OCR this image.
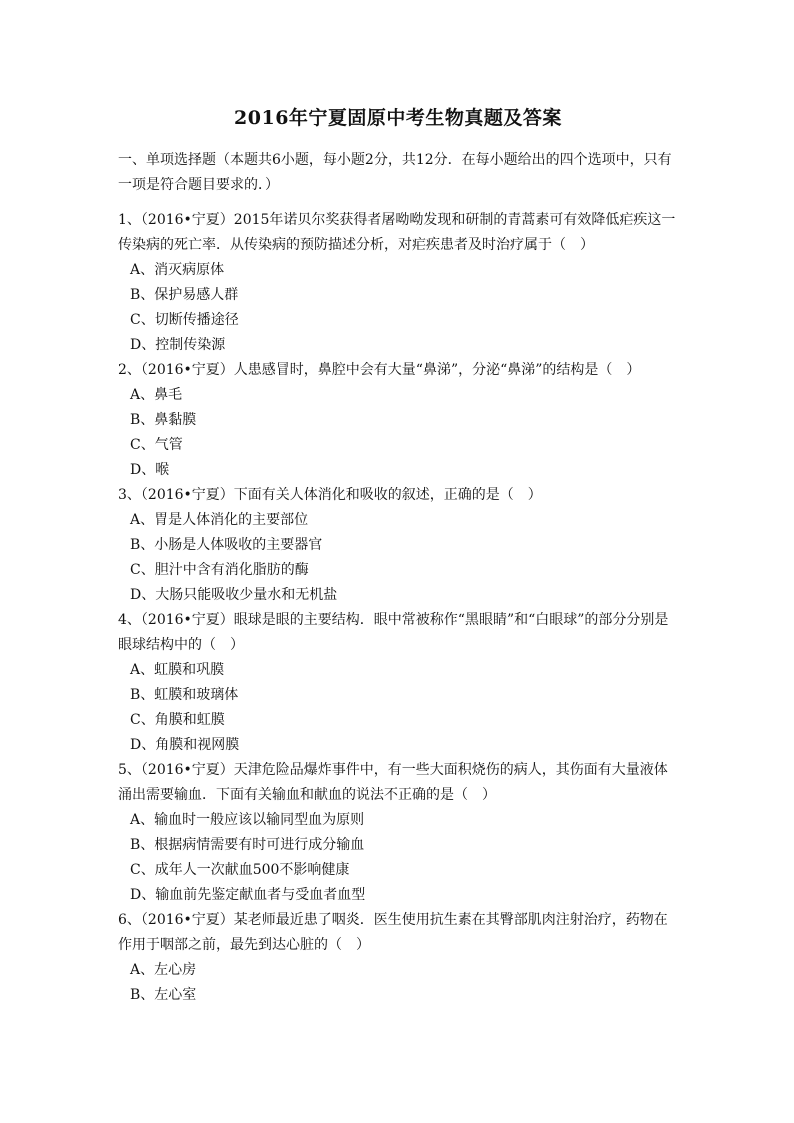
2016年宁夏固原中考生物真题及答案

一、单项选择题（本题共6小题，每小题2分，共12分．在每小题给出的四个选项中，只有一项是符合题目要求的．）

1、（2016•宁夏）2015年诺贝尔奖获得者屠呦呦发现和研制的青蒿素可有效降低疟疾这一传染病的死亡率．从传染病的预防描述分析，对疟疾患者及时治疗属于（　）

A、消灭病原体

B、保护易感人群

C、切断传播途径

D、控制传染源

2、（2016•宁夏）人患感冒时，鼻腔中会有大量“鼻涕”，分泌“鼻涕”的结构是（　）

A、鼻毛

B、鼻黏膜

C、气管

D、喉

3、（2016•宁夏）下面有关人体消化和吸收的叙述，正确的是（　）

A、胃是人体消化的主要部位

B、小肠是人体吸收的主要器官

C、胆汁中含有消化脂肪的酶

D、大肠只能吸收少量水和无机盐

4、（2016•宁夏）眼球是眼的主要结构．眼中常被称作“黑眼睛”和“白眼球”的部分分别是眼球结构中的（　）

A、虹膜和巩膜

B、虹膜和玻璃体

C、角膜和虹膜

D、角膜和视网膜

5、（2016•宁夏）天津危险品爆炸事件中，有一些大面积烧伤的病人，其伤面有大量液体涌出需要输血．下面有关输血和献血的说法不正确的是（　）

A、输血时一般应该以输同型血为原则

B、根据病情需要有时可进行成分输血

C、成年人一次献血500不影响健康

D、输血前先鉴定献血者与受血者血型

6、（2016•宁夏）某老师最近患了咽炎．医生使用抗生素在其臀部肌肉注射治疗，药物在作用于咽部之前，最先到达心脏的（　）

A、左心房

B、左心室
